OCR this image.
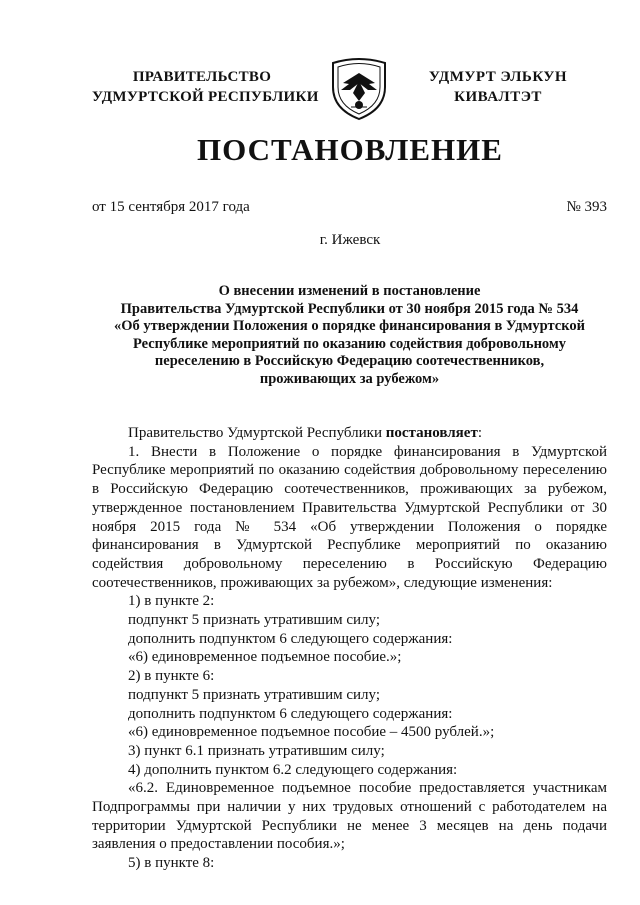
ПРАВИТЕЛЬСТВО
УДМУРТСКОЙ РЕСПУБЛИКИ
УДМУРТ ЭЛЬКУН
КИВАЛТЭТ
ПОСТАНОВЛЕНИЕ
от 15 сентября 2017 года	№ 393
г. Ижевск
О внесении изменений в постановление
Правительства Удмуртской Республики от 30 ноября 2015 года № 534
«Об утверждении Положения о порядке финансирования в Удмуртской
Республике мероприятий по оказанию содействия добровольному
переселению в Российскую Федерацию соотечественников,
проживающих за рубежом»
Правительство Удмуртской Республики постановляет:
1. Внести в Положение о порядке финансирования в Удмуртской Республике мероприятий по оказанию содействия добровольному переселению в Российскую Федерацию соотечественников, проживающих за рубежом, утвержденное постановлением Правительства Удмуртской Республики от 30 ноября 2015 года № 534 «Об утверждении Положения о порядке финансирования в Удмуртской Республике мероприятий по оказанию содействия добровольному переселению в Российскую Федерацию соотечественников, проживающих за рубежом», следующие изменения:
1) в пункте 2:
подпункт 5 признать утратившим силу;
дополнить подпунктом 6 следующего содержания:
«6) единовременное подъемное пособие.»;
2) в пункте 6:
подпункт 5 признать утратившим силу;
дополнить подпунктом 6 следующего содержания:
«6) единовременное подъемное пособие – 4500 рублей.»;
3) пункт 6.1 признать утратившим силу;
4) дополнить пунктом 6.2 следующего содержания:
«6.2. Единовременное подъемное пособие предоставляется участникам Подпрограммы при наличии у них трудовых отношений с работодателем на территории Удмуртской Республики не менее 3 месяцев на день подачи заявления о предоставлении пособия.»;
5) в пункте 8:
